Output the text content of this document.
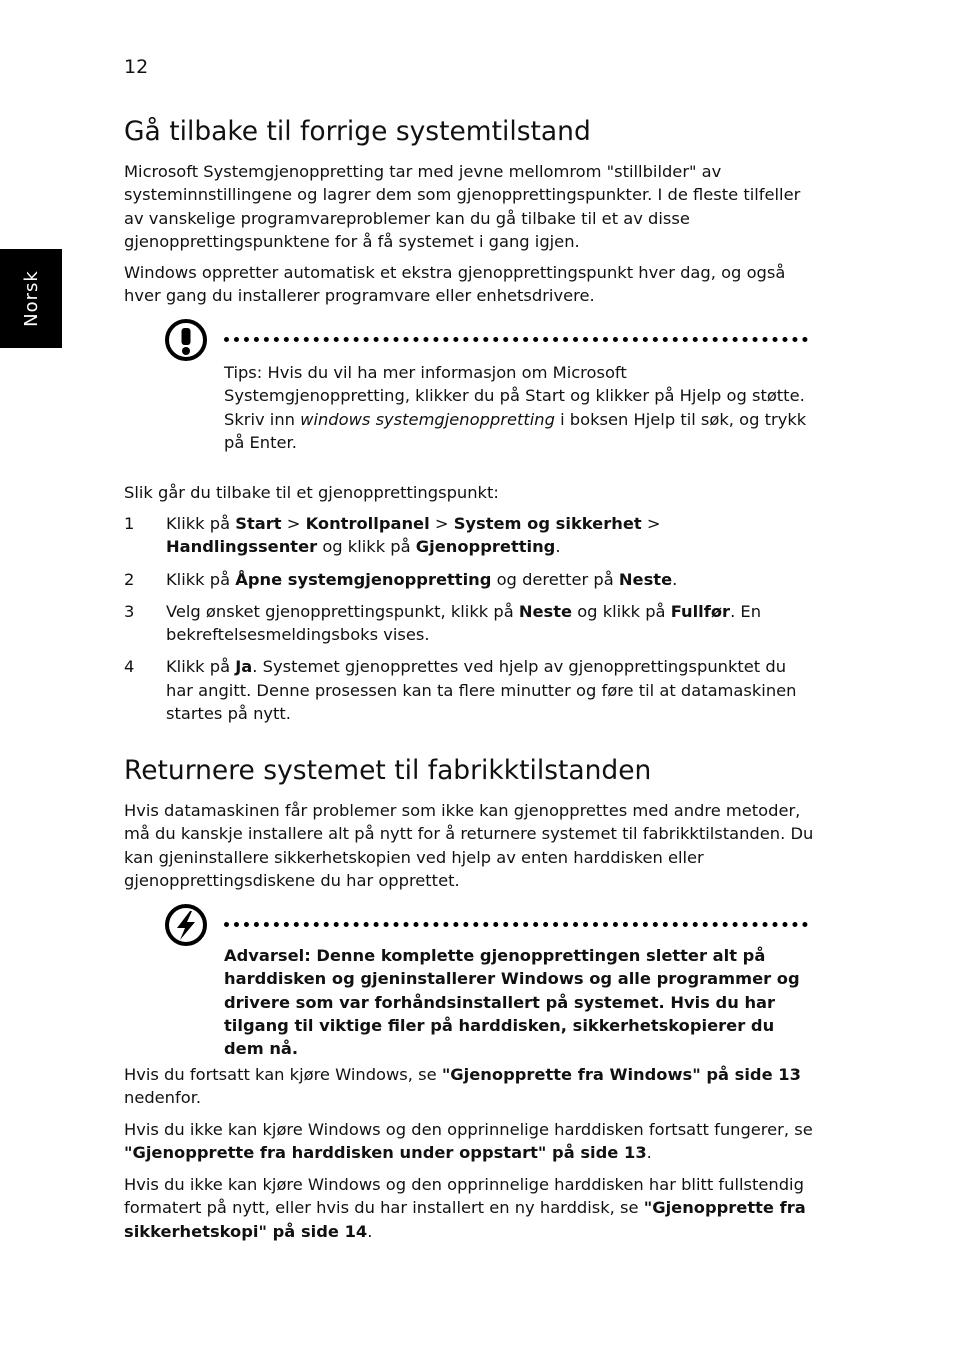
12
Norsk
Gå tilbake til forrige systemtilstand

Microsoft Systemgjenoppretting tar med jevne mellomrom "stillbilder" av systeminnstillingene og lagrer dem som gjenopprettingspunkter. I de fleste tilfeller av vanskelige programvareproblemer kan du gå tilbake til et av disse gjenopprettingspunktene for å få systemet i gang igjen.

Windows oppretter automatisk et ekstra gjenopprettingspunkt hver dag, og også hver gang du installerer programvare eller enhetsdrivere.

Tips: Hvis du vil ha mer informasjon om Microsoft Systemgjenoppretting, klikker du på Start og klikker på Hjelp og støtte. Skriv inn windows systemgjenoppretting i boksen Hjelp til søk, og trykk på Enter.

Slik går du tilbake til et gjenopprettingspunkt:

1 Klikk på Start > Kontrollpanel > System og sikkerhet > Handlingssenter og klikk på Gjenoppretting.
2 Klikk på Åpne systemgjenoppretting og deretter på Neste.
3 Velg ønsket gjenopprettingspunkt, klikk på Neste og klikk på Fullfør. En bekreftelsesmeldingsboks vises.
4 Klikk på Ja. Systemet gjenopprettes ved hjelp av gjenopprettingspunktet du har angitt. Denne prosessen kan ta flere minutter og føre til at datamaskinen startes på nytt.
Returnere systemet til fabrikktilstanden

Hvis datamaskinen får problemer som ikke kan gjenopprettes med andre metoder, må du kanskje installere alt på nytt for å returnere systemet til fabrikktilstanden. Du kan gjeninstallere sikkerhetskopien ved hjelp av enten harddisken eller gjenopprettingsdiskene du har opprettet.

Advarsel: Denne komplette gjenopprettingen sletter alt på harddisken og gjeninstallerer Windows og alle programmer og drivere som var forhåndsinstallert på systemet. Hvis du har tilgang til viktige filer på harddisken, sikkerhetskopierer du dem nå.

Hvis du fortsatt kan kjøre Windows, se "Gjenopprette fra Windows" på side 13 nedenfor.

Hvis du ikke kan kjøre Windows og den opprinnelige harddisken fortsatt fungerer, se "Gjenopprette fra harddisken under oppstart" på side 13.

Hvis du ikke kan kjøre Windows og den opprinnelige harddisken har blitt fullstendig formatert på nytt, eller hvis du har installert en ny harddisk, se "Gjenopprette fra sikkerhetskopi" på side 14.
